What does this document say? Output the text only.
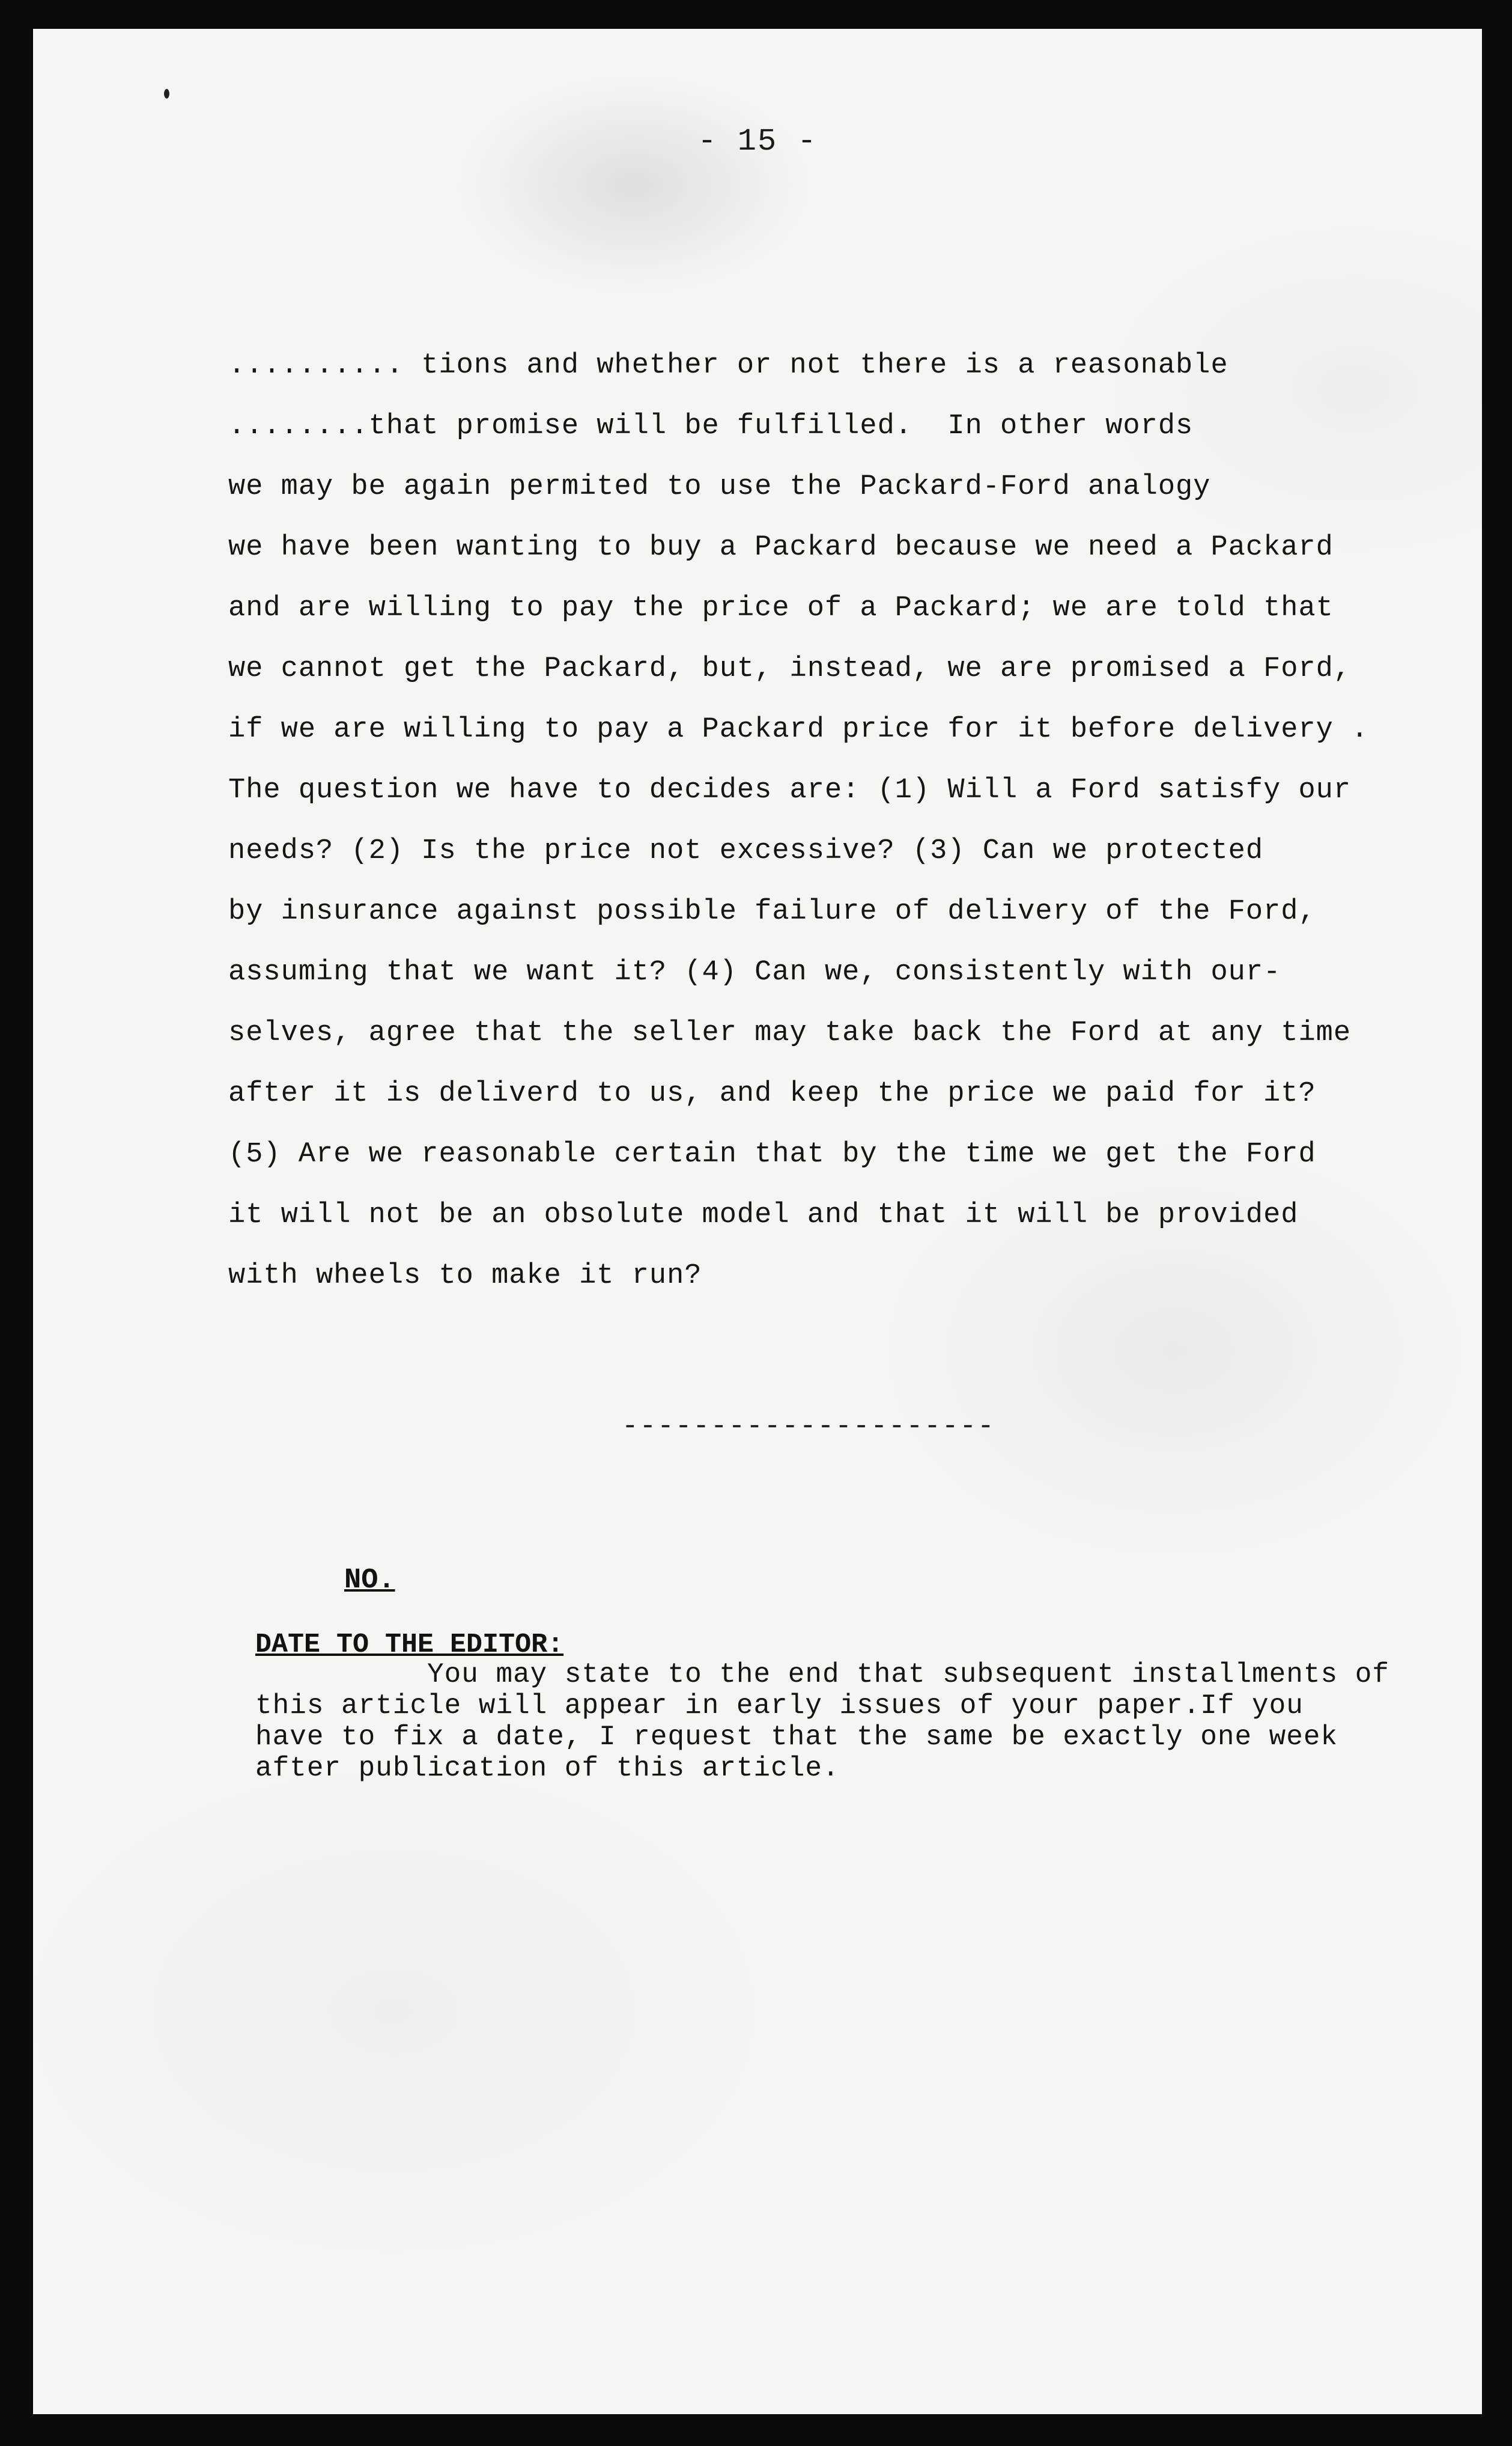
- 15 -
.......... tions and whether or not there is a reasonable
........that promise will be fulfilled.  In other words
we may be again permited to use the Packard-Ford analogy
we have been wanting to buy a Packard because we need a Packard
and are willing to pay the price of a Packard; we are told that
we cannot get the Packard, but, instead, we are promised a Ford,
if we are willing to pay a Packard price for it before delivery .
The question we have to decides are: (1) Will a Ford satisfy our
needs? (2) Is the price not excessive? (3) Can we protected
by insurance against possible failure of delivery of the Ford,
assuming that we want it? (4) Can we, consistently with our-
selves, agree that the seller may take back the Ford at any time
after it is deliverd to us, and keep the price we paid for it?
(5) Are we reasonable certain that by the time we get the Ford
it will not be an obsolute model and that it will be provided
with wheels to make it run?
---------------------
NO.
DATE TO THE EDITOR:
You may state to the end that subsequent installments of
this article will appear in early issues of your paper.If you
have to fix a date, I request that the same be exactly one week
after publication of this article.
